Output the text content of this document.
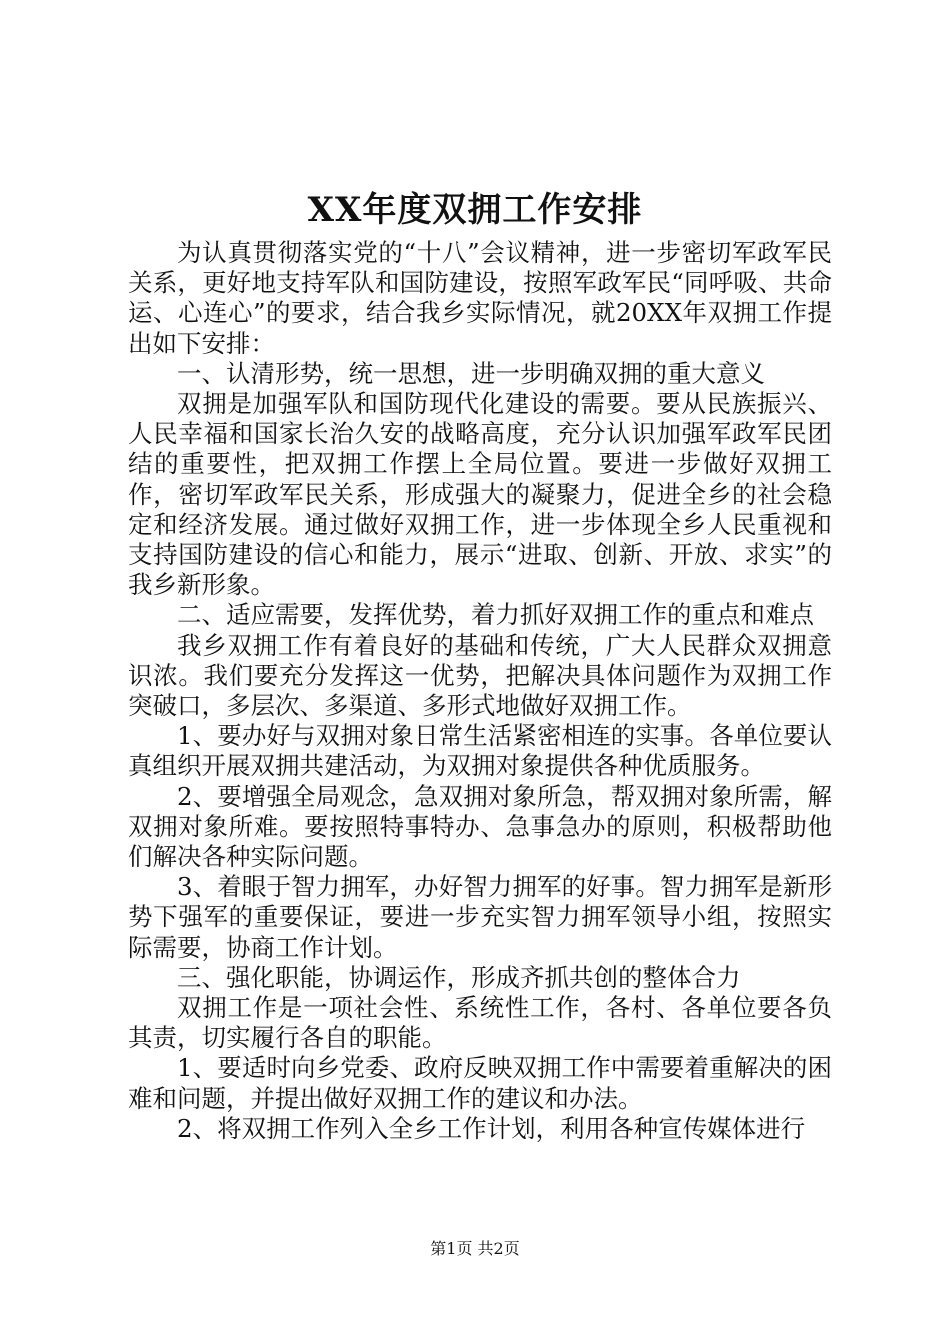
XX年度双拥工作安排

为认真贯彻落实党的“十八”会议精神，进一步密切军政军民关系，更好地支持军队和国防建设，按照军政军民“同呼吸、共命运、心连心”的要求，结合我乡实际情况，就20XX年双拥工作提出如下安排：

一、认清形势，统一思想，进一步明确双拥的重大意义

双拥是加强军队和国防现代化建设的需要。要从民族振兴、人民幸福和国家长治久安的战略高度，充分认识加强军政军民团结的重要性，把双拥工作摆上全局位置。要进一步做好双拥工作，密切军政军民关系，形成强大的凝聚力，促进全乡的社会稳定和经济发展。通过做好双拥工作，进一步体现全乡人民重视和支持国防建设的信心和能力，展示“进取、创新、开放、求实”的我乡新形象。

二、适应需要，发挥优势，着力抓好双拥工作的重点和难点

我乡双拥工作有着良好的基础和传统，广大人民群众双拥意识浓。我们要充分发挥这一优势，把解决具体问题作为双拥工作突破口，多层次、多渠道、多形式地做好双拥工作。

1、要办好与双拥对象日常生活紧密相连的实事。各单位要认真组织开展双拥共建活动，为双拥对象提供各种优质服务。

2、要增强全局观念，急双拥对象所急，帮双拥对象所需，解双拥对象所难。要按照特事特办、急事急办的原则，积极帮助他们解决各种实际问题。

3、着眼于智力拥军，办好智力拥军的好事。智力拥军是新形势下强军的重要保证，要进一步充实智力拥军领导小组，按照实际需要，协商工作计划。

三、强化职能，协调运作，形成齐抓共创的整体合力

双拥工作是一项社会性、系统性工作，各村、各单位要各负其责，切实履行各自的职能。

1、要适时向乡党委、政府反映双拥工作中需要着重解决的困难和问题，并提出做好双拥工作的建议和办法。

2、将双拥工作列入全乡工作计划，利用各种宣传媒体进行

第1页 共2页
